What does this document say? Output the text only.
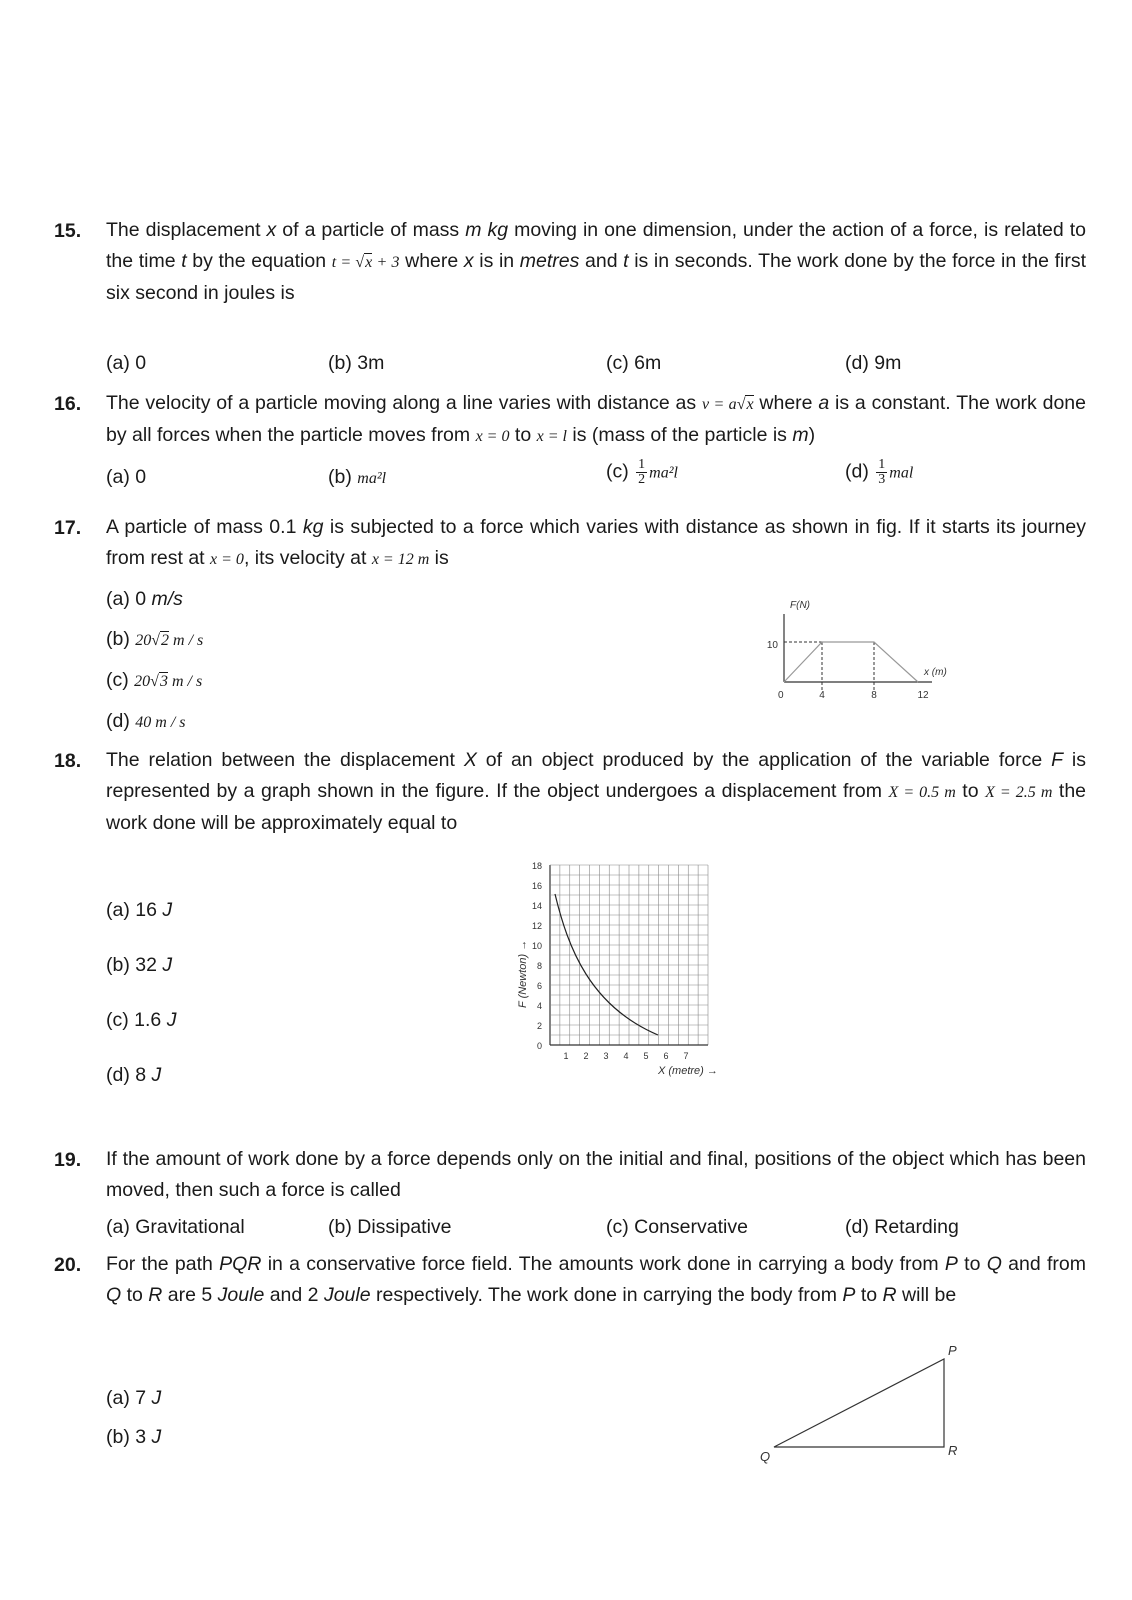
15. The displacement x of a particle of mass m kg moving in one dimension, under the action of a force, is related to the time t by the equation t = √x + 3 where x is in metres and t is in seconds. The work done by the force in the first six second in joules is
(a) 0	(b) 3m	(c) 6m	(d) 9m
16. The velocity of a particle moving along a line varies with distance as v = a√x where a is a constant. The work done by all forces when the particle moves from x = 0 to x = l is (mass of the particle is m)
(a) 0	(b) ma²l	$(c) \frac{1}{2} ma^2l$	$(d) \frac{1}{3}$ mal
17. A particle of mass 0.1 kg is subjected to a force which varies with distance as shown in fig. If it starts its journey from rest at x = 0, its velocity at x = 12 m is
(a) 0 m/s
(b) 20√2 m / s
(c) 20√3 m / s
(d) 40 m / s
F(N)
10
0	4	8	12
x (m)
18. The relation between the displacement X of an object produced by the application of the variable force F is represented by a graph shown in the figure. If the object undergoes a displacement from X = 0.5 m to X = 2.5 m the work done will be approximately equal to
(a) 16 J
(b) 32 J
(c) 1.6 J
(d) 8 J
18
16
14
12
10
8
6
4
2
0
1 2 3 4 5 6 7
F (Newton) →
X (metre) →
19. If the amount of work done by a force depends only on the initial and final, positions of the object which has been moved, then such a force is called
(a) Gravitational	(b) Dissipative	(c) Conservative	(d) Retarding
20. For the path PQR in a conservative force field. The amounts work done in carrying a body from P to Q and from Q to R are 5 Joule and 2 Joule respectively. The work done in carrying the body from P to R will be
(a) 7 J
(b) 3 J
P
Q	R
